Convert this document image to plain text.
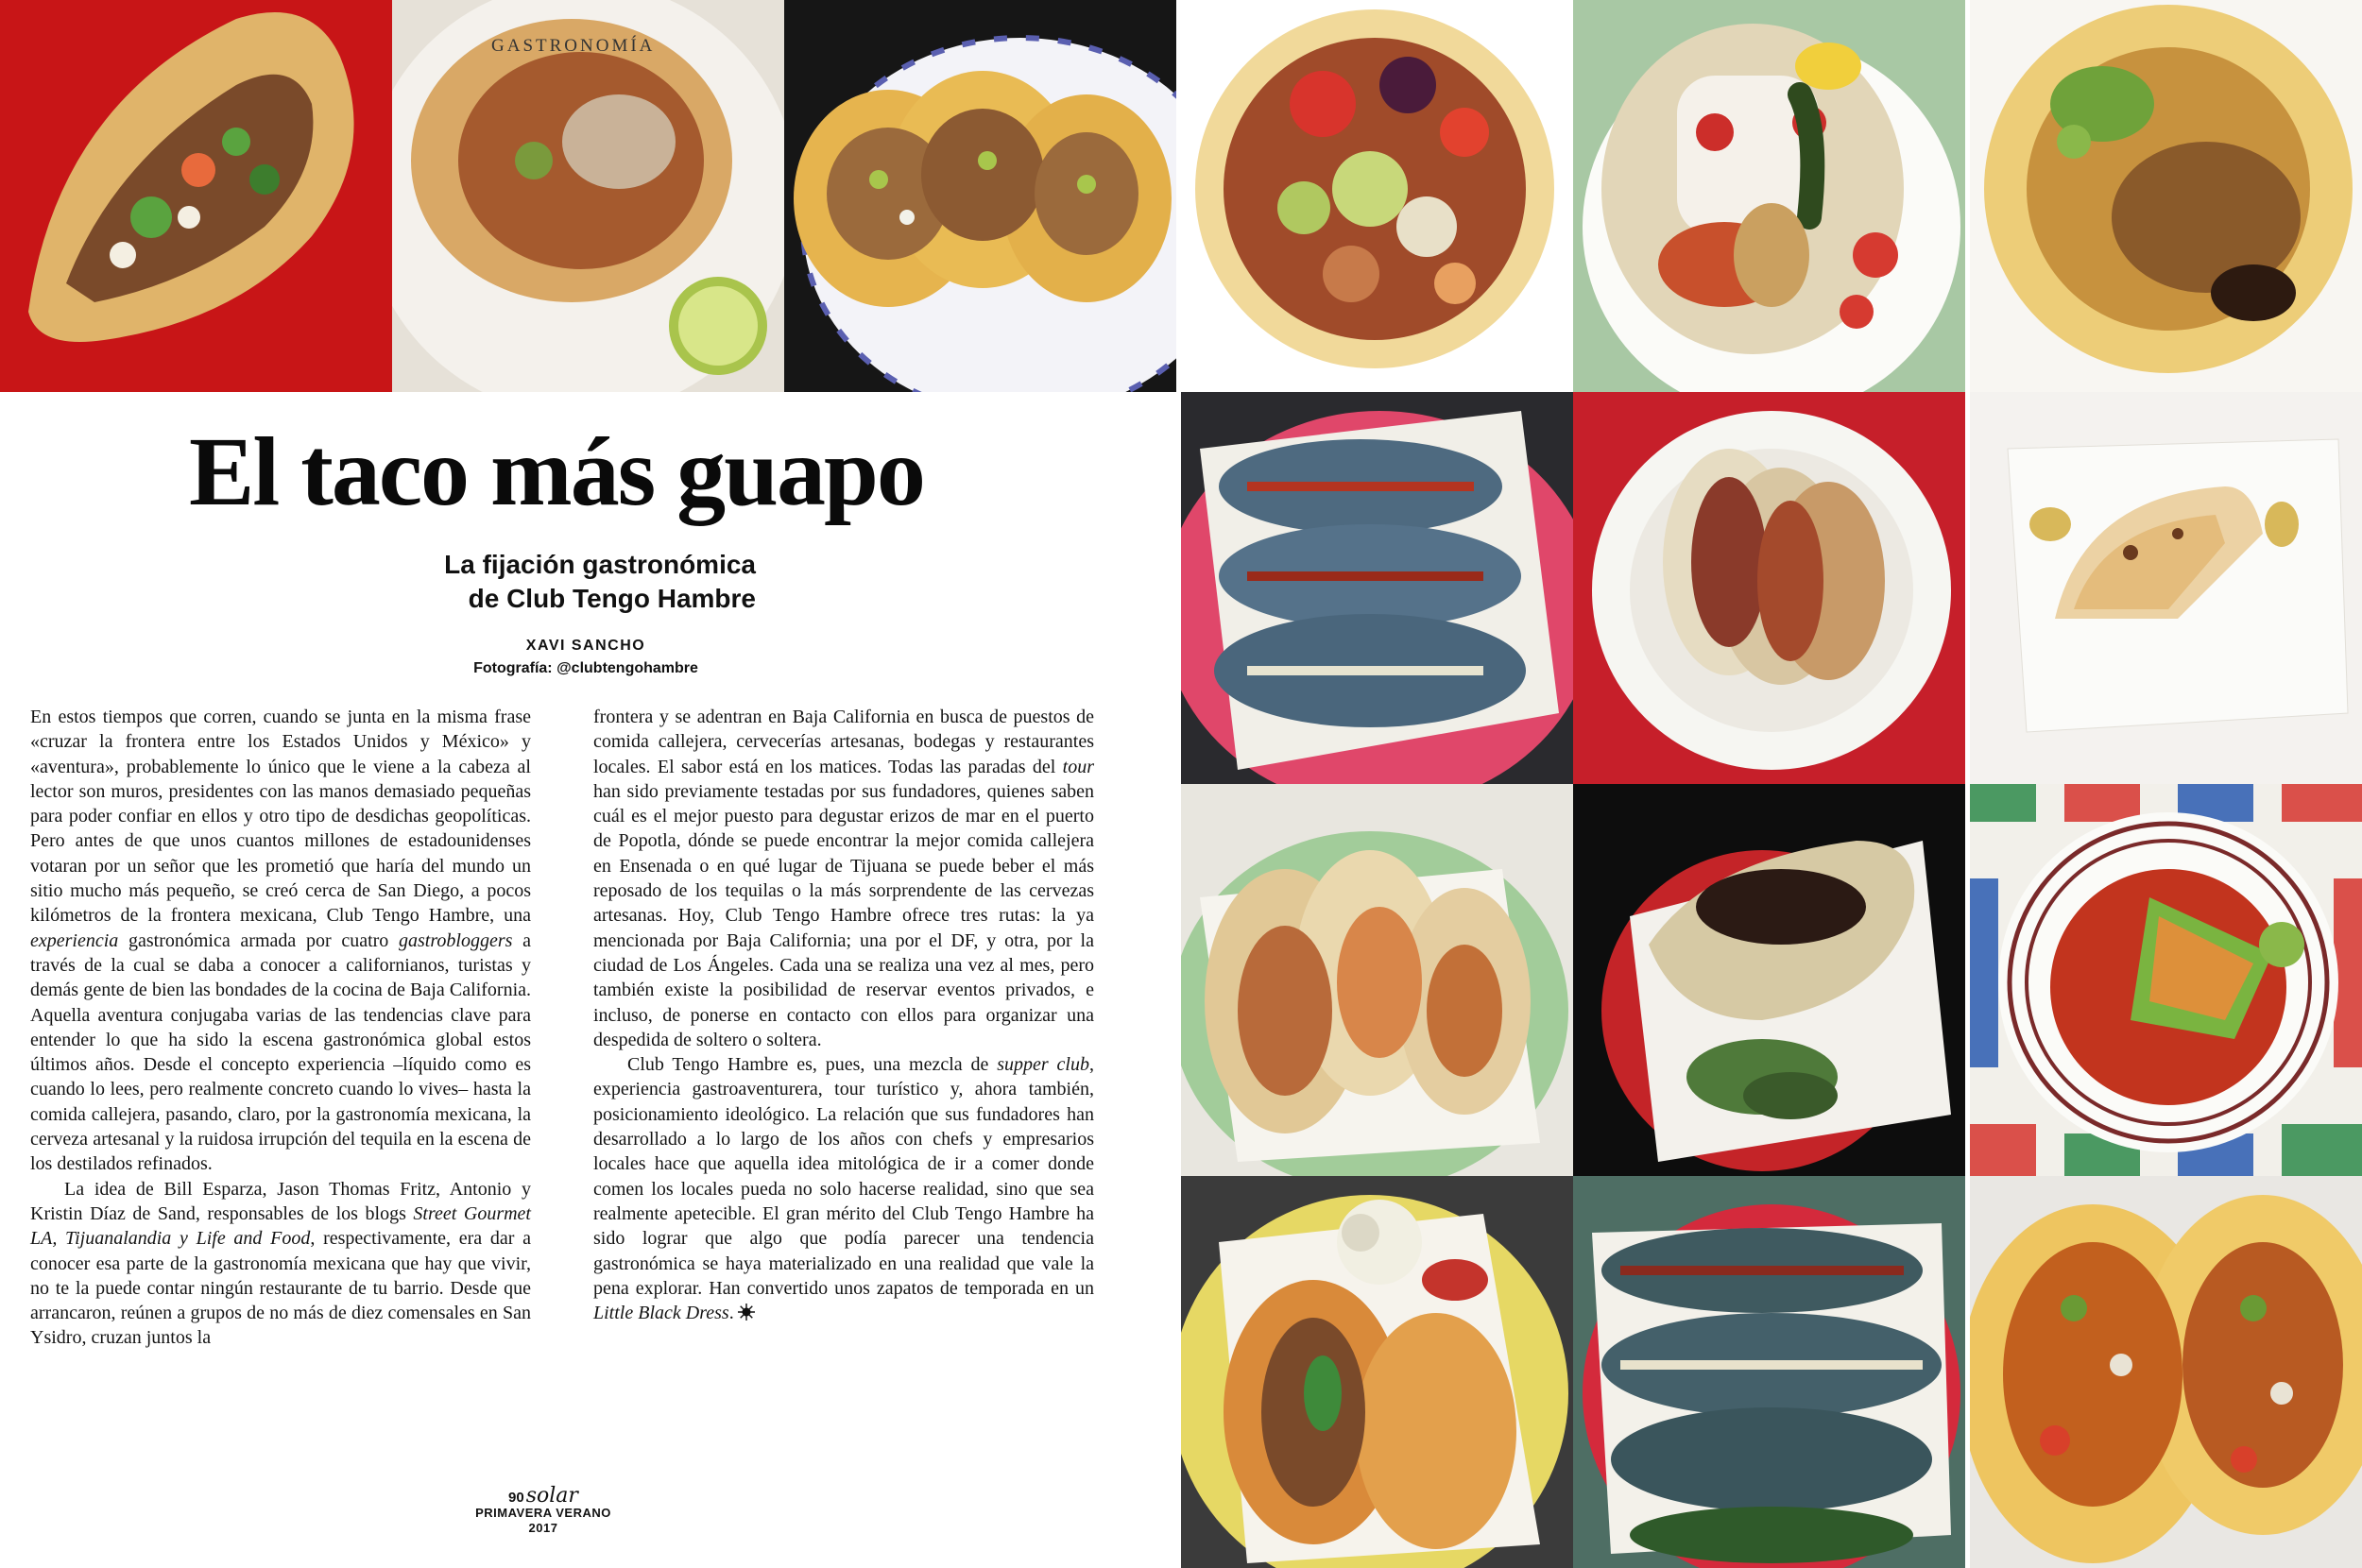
GASTRONOMÍA
El taco más guapo
La fijación gastronómica
de Club Tengo Hambre
XAVI SANCHO
Fotografía: @clubtengohambre

En estos tiempos que corren, cuando se junta en la misma frase «cruzar la frontera entre los Estados Unidos y México» y «aventura», probablemente lo único que le viene a la cabeza al lector son muros, presidentes con las manos demasiado pequeñas para poder confiar en ellos y otro tipo de desdichas geopolíticas. Pero antes de que unos cuantos millones de estadounidenses votaran por un señor que les prometió que haría del mundo un sitio mucho más pequeño, se creó cerca de San Diego, a pocos kilómetros de la frontera mexicana, Club Tengo Hambre, una experiencia gastronómica armada por cuatro gastrobloggers a través de la cual se daba a conocer a californianos, turistas y demás gente de bien las bondades de la cocina de Baja California. Aquella aventura conjugaba varias de las tendencias clave para entender lo que ha sido la escena gastronómica global estos últimos años. Desde el concepto experiencia –líquido como es cuando lo lees, pero realmente concreto cuando lo vives– hasta la comida callejera, pasando, claro, por la gastronomía mexicana, la cerveza artesanal y la ruidosa irrupción del tequila en la escena de los destilados refinados.

La idea de Bill Esparza, Jason Thomas Fritz, Antonio y Kristin Díaz de Sand, responsables de los blogs Street Gourmet LA, Tijuanalandia y Life and Food, respectivamente, era dar a conocer esa parte de la gastronomía mexicana que hay que vivir, no te la puede contar ningún restaurante de tu barrio. Desde que arrancaron, reúnen a grupos de no más de diez comensales en San Ysidro, cruzan juntos la

frontera y se adentran en Baja California en busca de puestos de comida callejera, cervecerías artesanas, bodegas y restaurantes locales. El sabor está en los matices. Todas las paradas del tour han sido previamente testadas por sus fundadores, quienes saben cuál es el mejor puesto para degustar erizos de mar en el puerto de Popotla, dónde se puede encontrar la mejor comida callejera en Ensenada o en qué lugar de Tijuana se puede beber el más reposado de los tequilas o la más sorprendente de las cervezas artesanas. Hoy, Club Tengo Hambre ofrece tres rutas: la ya mencionada por Baja California; una por el DF, y otra, por la ciudad de Los Ángeles. Cada una se realiza una vez al mes, pero también existe la posibilidad de reservar eventos privados, e incluso, de ponerse en contacto con ellos para organizar una despedida de soltero o soltera.

Club Tengo Hambre es, pues, una mezcla de supper club, experiencia gastroaventurera, tour turístico y, ahora también, posicionamiento ideológico. La relación que sus fundadores han desarrollado a lo largo de los años con chefs y empresarios locales hace que aquella idea mitológica de ir a comer donde comen los locales pueda no solo hacerse realidad, sino que sea realmente apetecible. El gran mérito del Club Tengo Hambre ha sido lograr que algo que podía parecer una tendencia gastronómica se haya materializado en una realidad que vale la pena explorar. Han convertido unos zapatos de temporada en un Little Black Dress.

90solar
PRIMAVERA VERANO 2017
